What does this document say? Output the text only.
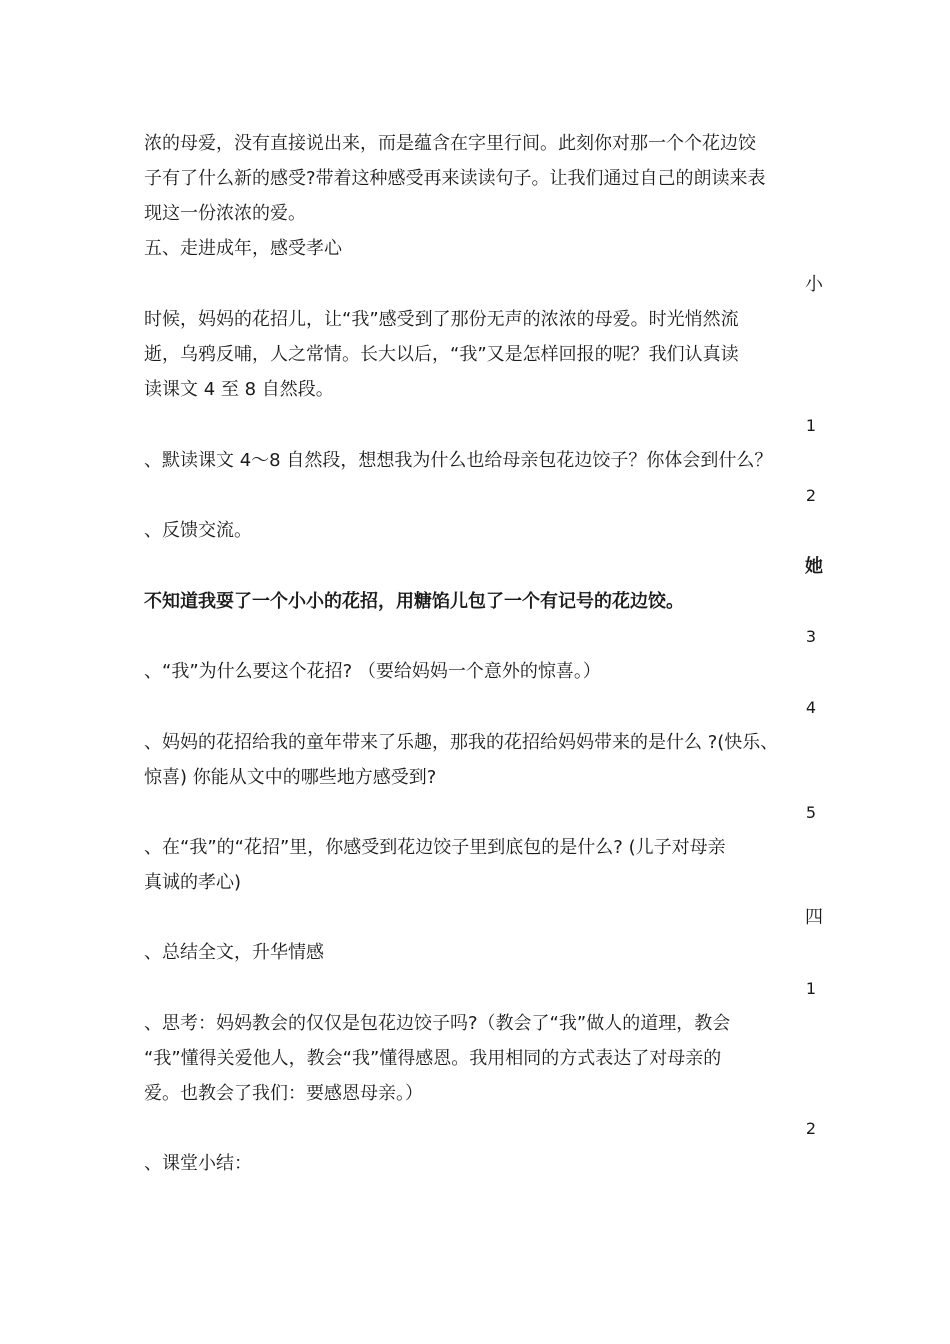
浓的母爱，没有直接说出来，而是蕴含在字里行间。此刻你对那一个个花边饺
子有了什么新的感受?带着这种感受再来读读句子。让我们通过自己的朗读来表
现这一份浓浓的爱。
五、走进成年，感受孝心
小
时候，妈妈的花招儿，让“我”感受到了那份无声的浓浓的母爱。时光悄然流
逝，乌鸦反哺，人之常情。长大以后，“我”又是怎样回报的呢？我们认真读
读课文 4 至 8 自然段。
1
、默读课文 4～8 自然段，想想我为什么也给母亲包花边饺子？你体会到什么？
2
、反馈交流。
她
不知道我耍了一个小小的花招，用糖馅儿包了一个有记号的花边饺。
3
、“我”为什么要这个花招? （要给妈妈一个意外的惊喜。）
4
、妈妈的花招给我的童年带来了乐趣，那我的花招给妈妈带来的是什么 ?(快乐、
惊喜) 你能从文中的哪些地方感受到?
5
、在“我”的“花招”里，你感受到花边饺子里到底包的是什么? (儿子对母亲
真诚的孝心)
四
、总结全文，升华情感
1
、思考：妈妈教会的仅仅是包花边饺子吗?（教会了“我”做人的道理，教会
“我”懂得关爱他人，教会“我”懂得感恩。我用相同的方式表达了对母亲的
爱。也教会了我们：要感恩母亲。）
2
、课堂小结：
